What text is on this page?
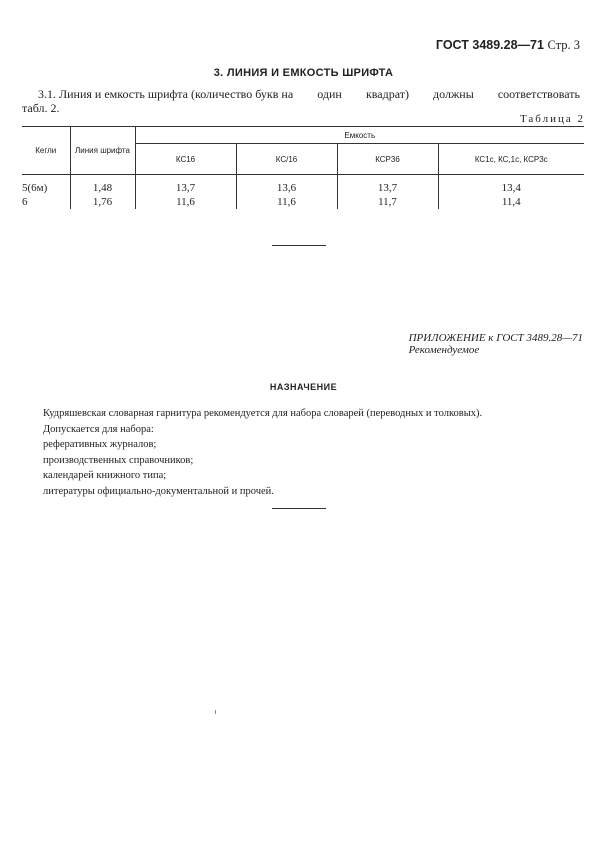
ГОСТ 3489.28—71 Стр. 3
3. ЛИНИЯ И ЕМКОСТЬ ШРИФТА
3.1. Линия и емкость шрифта (количество букв на один квадрат) должны соответствовать
табл. 2.
Таблица 2
Кегли	Линия шрифта	Емкость			
		КС16	КС/16	КСР36	КС1с, КС,1с, КСР3с
5(6м)	1,48	13,7	13,6	13,7	13,4
6	1,76	11,6	11,6	11,7	11,4
ПРИЛОЖЕНИЕ к ГОСТ 3489.28—71
Рекомендуемое
НАЗНАЧЕНИЕ
Кудряшевская словарная гарнитура рекомендуется для набора словарей (переводных и толковых).
Допускается для набора:
реферативных журналов;
производственных справочников;
календарей книжного типа;
литературы официально-документальной и прочей.
